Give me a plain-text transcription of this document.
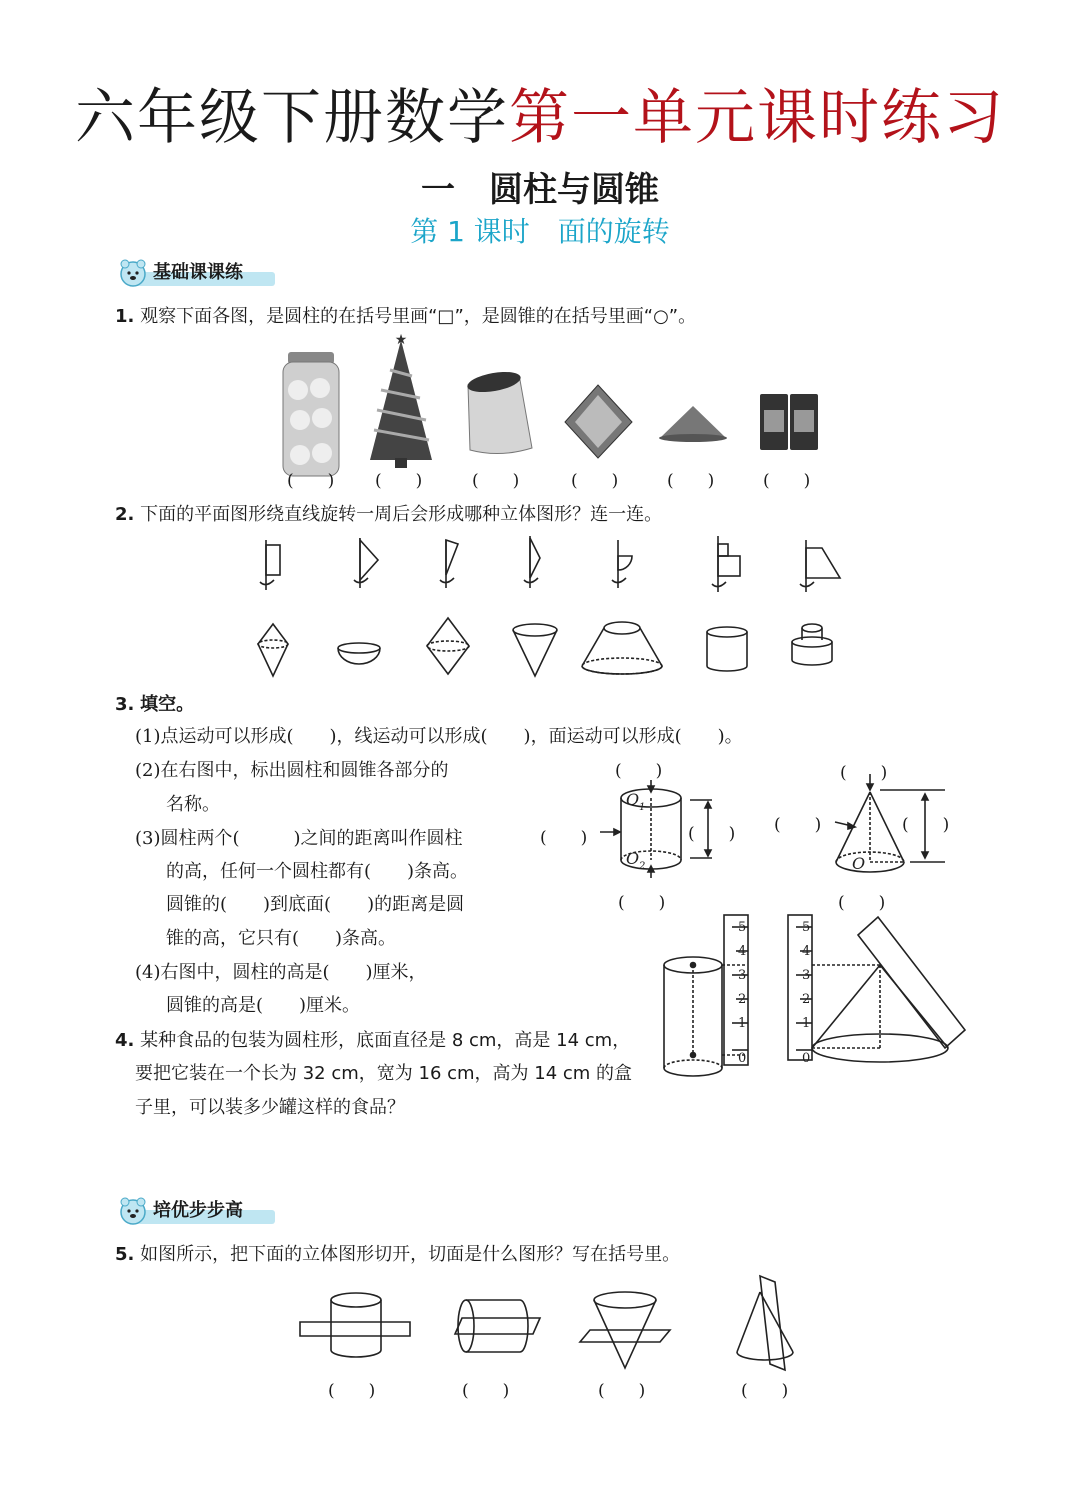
六年级下册数学第一单元课时练习
一　圆柱与圆锥
第 1 课时　面的旋转
基础课课练
1. 观察下面各图，是圆柱的在括号里画“□”，是圆锥的在括号里画“○”。
★
(　　) (　　)	(　　)	(　　)	(　　)	(　　)
2. 下面的平面图形绕直线旋转一周后会形成哪种立体图形？连一连。
3. 填空。
(1)点运动可以形成(　　)，线运动可以形成(　　)，面运动可以形成(　　)。
(2)在右图中，标出圆柱和圆锥各部分的
名称。
(3)圆柱两个(　　　)之间的距离叫作圆柱
的高，任何一个圆柱都有(　　)条高。
圆锥的(　　)到底面(　　)的距离是圆
锥的高，它只有(　　)条高。
(4)右图中，圆柱的高是(　　)厘米，
圆锥的高是(　　)厘米。
O 1
O 2	O
(　　)
(　　)	(　　)
(　　)
(　　)
(　　)	(　　)
(　　)
0
1
2
3
4
5
0
1
2
3
4
5
4. 某种食品的包装为圆柱形，底面直径是 8 cm，高是 14 cm，
要把它装在一个长为 32 cm，宽为 16 cm，高为 14 cm 的盒
子里，可以装多少罐这样的食品？
培优步步高
5. 如图所示，把下面的立体图形切开，切面是什么图形？写在括号里。
(　　)	(　　)	(　　)	(　　)
